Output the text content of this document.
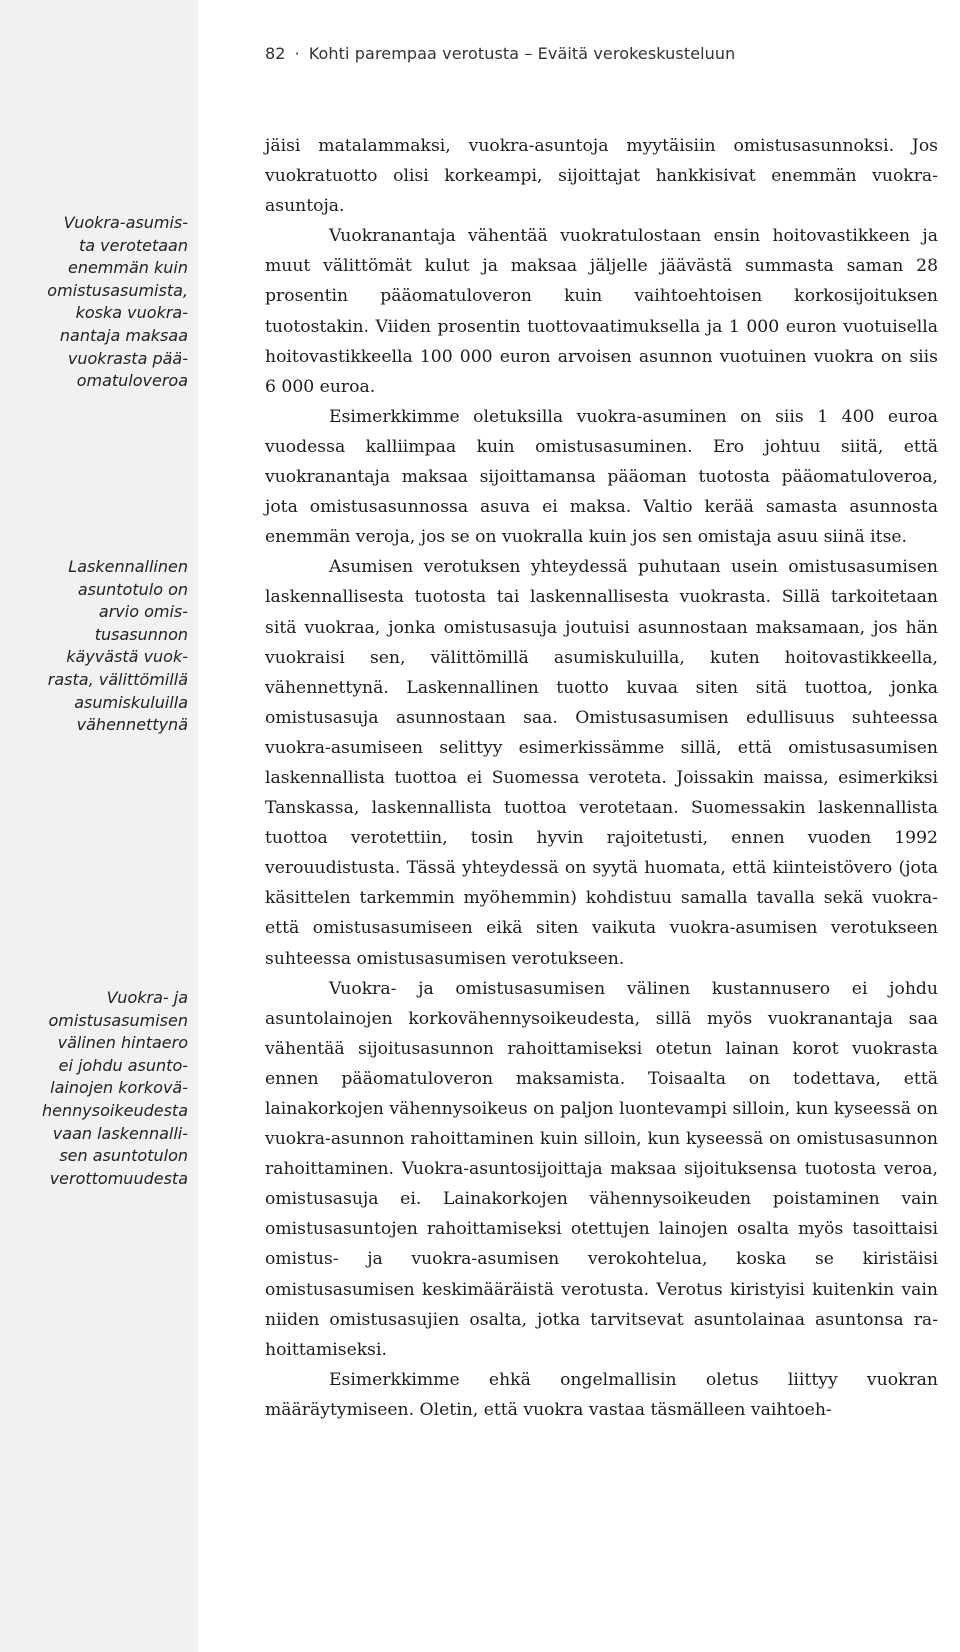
82 · Kohti parempaa verotusta – Eväitä verokeskusteluun
Vuokra-asumis-
ta verotetaan
enemmän kuin
omistusasumista,
koska vuokra-
nantaja maksaa
vuokrasta pää-
omatuloveroa
Laskennallinen
asuntotulo on
arvio omis-
tusasunnon
käyvästä vuok-
rasta, välittömillä
asumiskuluilla
vähennettynä
Vuokra- ja
omistusasumisen
välinen hintaero
ei johdu asunto-
lainojen korkovä-
hennysoikeudesta
vaan laskennalli-
sen asuntotulon
verottomuudesta

jäisi matalammaksi, vuokra-asuntoja myytäisiin omistusasunnoksi. Jos vuokratuotto olisi korkeampi, sijoittajat hankkisivat enemmän vuokra-asuntoja.

Vuokranantaja vähentää vuokratulostaan ensin hoitovastikkeen ja muut välittömät kulut ja maksaa jäljelle jäävästä summasta saman 28 prosentin pääomatuloveron kuin vaihtoehtoisen korkosijoituksen tuotostakin. Viiden prosentin tuottovaatimuksella ja 1 000 euron vuotuisella hoitovastikkeella 100 000 euron arvoisen asunnon vuotuinen vuokra on siis 6 000 euroa.

Esimerkkimme oletuksilla vuokra-asuminen on siis 1 400 euroa vuodessa kalliimpaa kuin omistusasuminen. Ero johtuu siitä, että vuokranantaja maksaa sijoittamansa pääoman tuotosta pääomatuloveroa, jota omistusasunnossa asuva ei maksa. Valtio kerää samasta asunnosta enemmän veroja, jos se on vuokralla kuin jos sen omistaja asuu siinä itse.

Asumisen verotuksen yhteydessä puhutaan usein omistusasumisen laskennallisesta tuotosta tai laskennallisesta vuokrasta. Sillä tarkoitetaan sitä vuokraa, jonka omistusasuja joutuisi asunnostaan maksamaan, jos hän vuokraisi sen, välittömillä asumiskuluilla, kuten hoitovastikkeella, vähennettynä. Laskennallinen tuotto kuvaa siten sitä tuottoa, jonka omistusasuja asunnostaan saa. Omistusasumisen edullisuus suhteessa vuokra-asumiseen selittyy esimerkissämme sillä, että omistusasumisen laskennallista tuottoa ei Suomessa veroteta. Joissakin maissa, esimerkiksi Tanskassa, laskennallista tuottoa verotetaan. Suomessakin laskennallista tuottoa verotettiin, tosin hyvin rajoitetusti, ennen vuoden 1992 verouudistusta. Tässä yhteydessä on syytä huomata, että kiinteistövero (jota käsittelen tarkemmin myöhemmin) kohdistuu samalla tavalla sekä vuokra- että omistusasumiseen eikä siten vaikuta vuokra-asumisen verotukseen suhteessa omistusasumisen verotukseen.

Vuokra- ja omistusasumisen välinen kustannusero ei johdu asuntolainojen korkovähennysoikeudesta, sillä myös vuokranantaja saa vähentää sijoitusasunnon rahoittamiseksi otetun lainan korot vuokrasta ennen pääomatuloveron maksamista. Toisaalta on todettava, että lainakorkojen vähennysoikeus on paljon luontevampi silloin, kun kyseessä on vuokra-asunnon rahoittaminen kuin silloin, kun kyseessä on omistusasunnon rahoittaminen. Vuokra-asuntosijoittaja maksaa sijoituksensa tuotosta veroa, omistusasuja ei. Lainakorkojen vähennysoikeuden poistaminen vain omistusasuntojen rahoittamiseksi otettujen lainojen osalta myös tasoittaisi omistus- ja vuokra-asumisen verokohtelua, koska se kiristäisi omistusasumisen keskimääräistä verotusta. Verotus kiristyisi kuitenkin vain niiden omistusasujien osalta, jotka tarvitsevat asuntolainaa asuntonsa rahoittamiseksi.

Esimerkkimme ehkä ongelmallisin oletus liittyy vuokran määräytymiseen. Oletin, että vuokra vastaa täsmälleen vaihtoeh-
